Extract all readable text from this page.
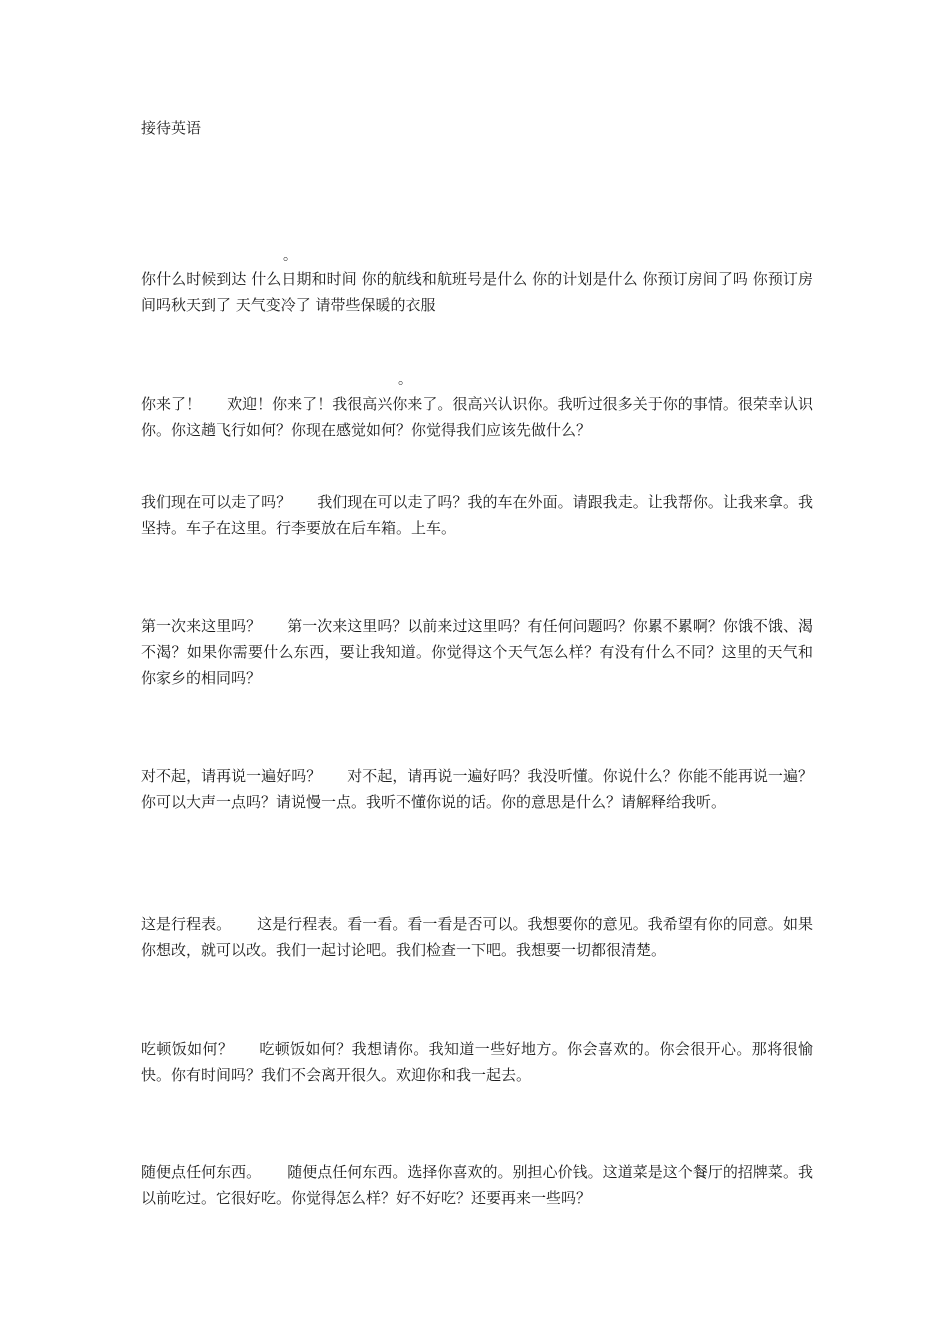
接待英语
。

你什么时候到达 什么日期和时间 你的航线和航班号是什么 你的计划是什么 你预订房间了吗 你预订房间吗秋天到了 天气变冷了 请带些保暖的衣服

。

你来了！ 欢迎！你来了！我很高兴你来了。很高兴认识你。我听过很多关于你的事情。很荣幸认识你。你这趟飞行如何？你现在感觉如何？你觉得我们应该先做什么？

我们现在可以走了吗？ 我们现在可以走了吗？我的车在外面。请跟我走。让我帮你。让我来拿。我坚持。车子在这里。行李要放在后车箱。上车。

第一次来这里吗？ 第一次来这里吗？以前来过这里吗？有任何问题吗？你累不累啊？你饿不饿、渴不渴？如果你需要什么东西，要让我知道。你觉得这个天气怎么样？有没有什么不同？这里的天气和你家乡的相同吗？

对不起，请再说一遍好吗？ 对不起，请再说一遍好吗？我没听懂。你说什么？你能不能再说一遍？你可以大声一点吗？请说慢一点。我听不懂你说的话。你的意思是什么？请解释给我听。

这是行程表。 这是行程表。看一看。看一看是否可以。我想要你的意见。我希望有你的同意。如果你想改，就可以改。我们一起讨论吧。我们检查一下吧。我想要一切都很清楚。

吃顿饭如何？ 吃顿饭如何？我想请你。我知道一些好地方。你会喜欢的。你会很开心。那将很愉快。你有时间吗？我们不会离开很久。欢迎你和我一起去。

随便点任何东西。 随便点任何东西。选择你喜欢的。别担心价钱。这道菜是这个餐厅的招牌菜。我以前吃过。它很好吃。你觉得怎么样？好不好吃？还要再来一些吗？
